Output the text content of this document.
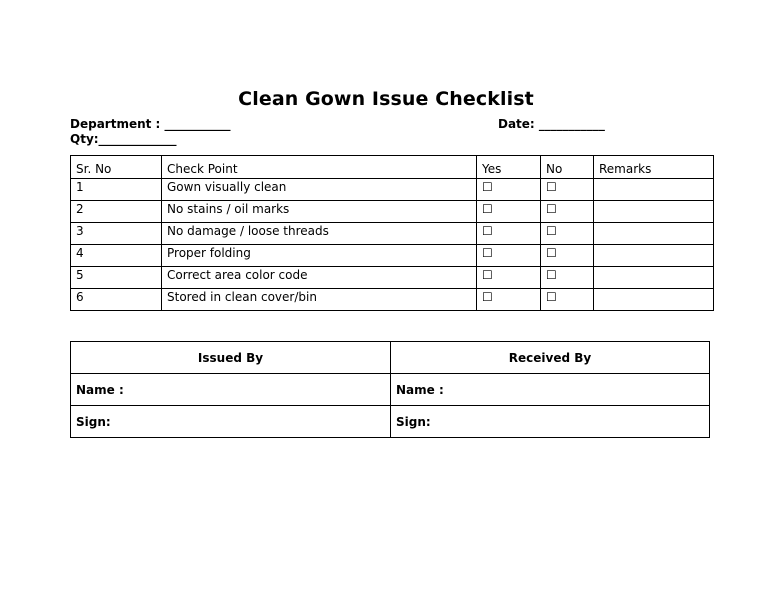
Clean Gown Issue Checklist
Department : ___________
Qty:_____________
Date: ___________
Sr. No	Check Point	Yes	No	Remarks
1	Gown visually clean	☐	☐	
2	No stains / oil marks	☐	☐	
3	No damage / loose threads	☐	☐	
4	Proper folding	☐	☐	
5	Correct area color code	☐	☐	
6	Stored in clean cover/bin	☐	☐	
Issued By	Received By
Name :	Name :
Sign:	Sign:
